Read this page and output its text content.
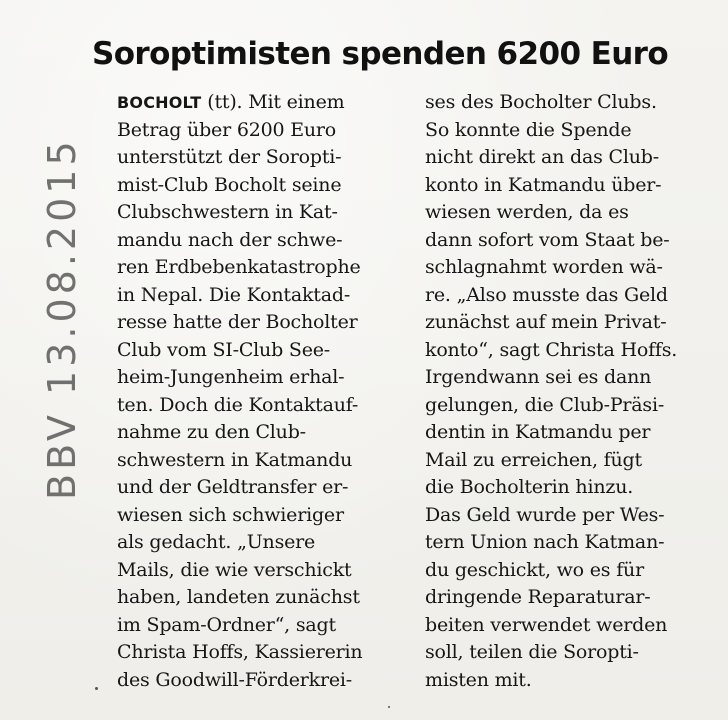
Soroptimisten spenden 6200 Euro
BOCHOLT (tt). Mit einem
Betrag über 6200 Euro
unterstützt der Soropti-
mist-Club Bocholt seine
Clubschwestern in Kat-
mandu nach der schwe-
ren Erdbebenkatastrophe
in Nepal. Die Kontaktad-
resse hatte der Bocholter
Club vom SI-Club See-
heim-Jungenheim erhal-
ten. Doch die Kontaktauf-
nahme zu den Club-
schwestern in Katmandu
und der Geldtransfer er-
wiesen sich schwieriger
als gedacht. „Unsere
Mails, die wie verschickt
haben, landeten zunächst
im Spam-Ordner“, sagt
Christa Hoffs, Kassiererin
des Goodwill-Förderkrei-
ses des Bocholter Clubs.
So konnte die Spende
nicht direkt an das Club-
konto in Katmandu über-
wiesen werden, da es
dann sofort vom Staat be-
schlagnahmt worden wä-
re. „Also musste das Geld
zunächst auf mein Privat-
konto“, sagt Christa Hoffs.
Irgendwann sei es dann
gelungen, die Club-Präsi-
dentin in Katmandu per
Mail zu erreichen, fügt
die Bocholterin hinzu.
Das Geld wurde per Wes-
tern Union nach Katman-
du geschickt, wo es für
dringende Reparaturar-
beiten verwendet werden
soll, teilen die Soropti-
misten mit.
BBV 13.08.2015
